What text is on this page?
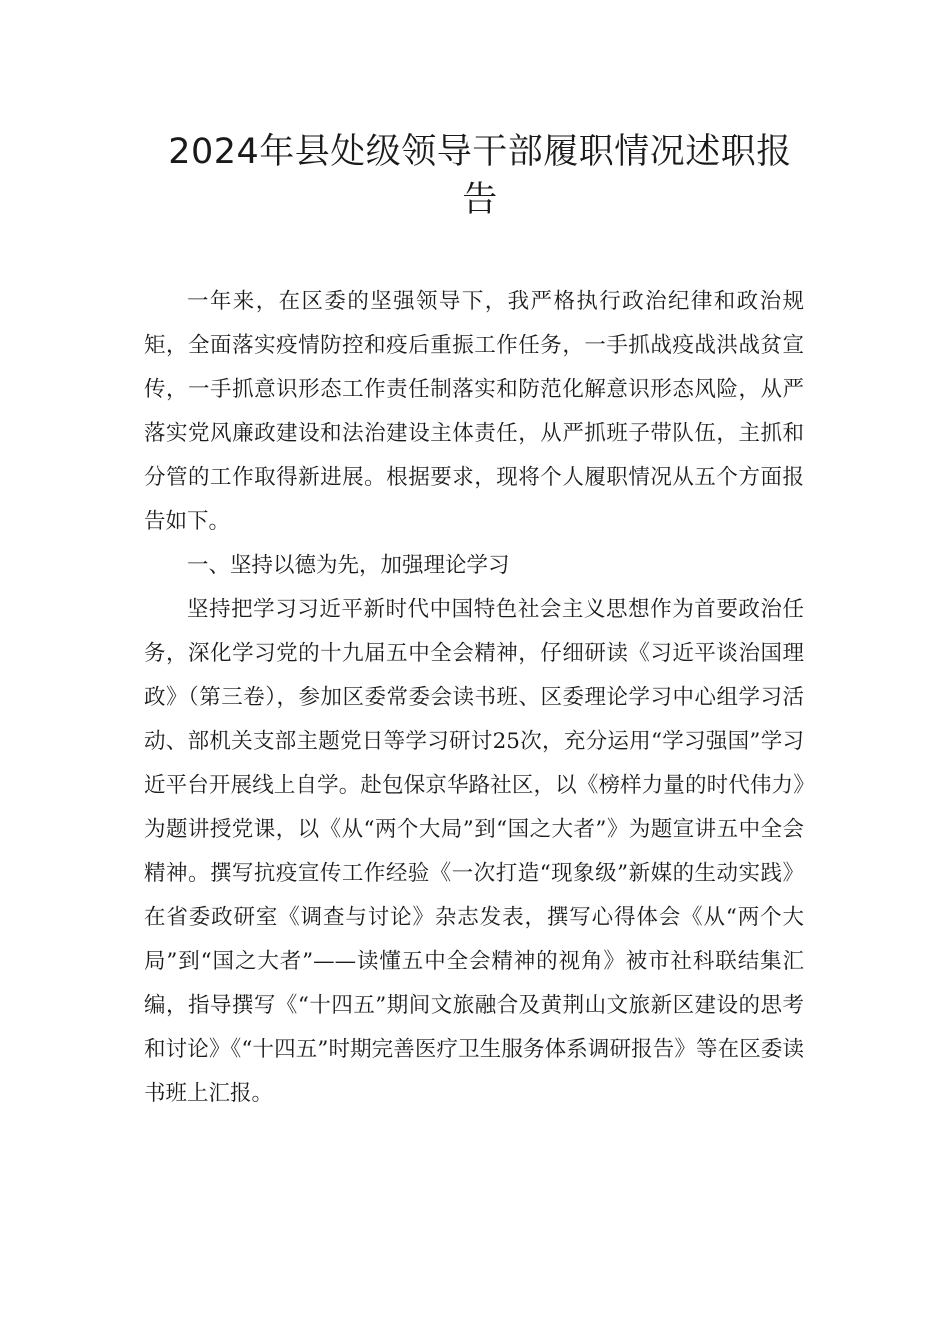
2024年县处级领导干部履职情况述职报
告

一年来，在区委的坚强领导下，我严格执行政治纪律和政治规矩，全面落实疫情防控和疫后重振工作任务，一手抓战疫战洪战贫宣传，一手抓意识形态工作责任制落实和防范化解意识形态风险，从严落实党风廉政建设和法治建设主体责任，从严抓班子带队伍，主抓和分管的工作取得新进展。根据要求，现将个人履职情况从五个方面报告如下。

一、坚持以德为先，加强理论学习

坚持把学习习近平新时代中国特色社会主义思想作为首要政治任务，深化学习党的十九届五中全会精神，仔细研读《习近平谈治国理政》（第三卷），参加区委常委会读书班、区委理论学习中心组学习活动、部机关支部主题党日等学习研讨25次，充分运用“学习强国”学习近平台开展线上自学。赴包保京华路社区，以《榜样力量的时代伟力》为题讲授党课，以《从“两个大局”到“国之大者”》为题宣讲五中全会精神。撰写抗疫宣传工作经验《一次打造“现象级”新媒的生动实践》在省委政研室《调查与讨论》杂志发表，撰写心得体会《从“两个大局”到“国之大者”——读懂五中全会精神的视角》被市社科联结集汇编，指导撰写《“十四五”期间文旅融合及黄荆山文旅新区建设的思考和讨论》《“十四五”时期完善医疗卫生服务体系调研报告》等在区委读书班上汇报。
